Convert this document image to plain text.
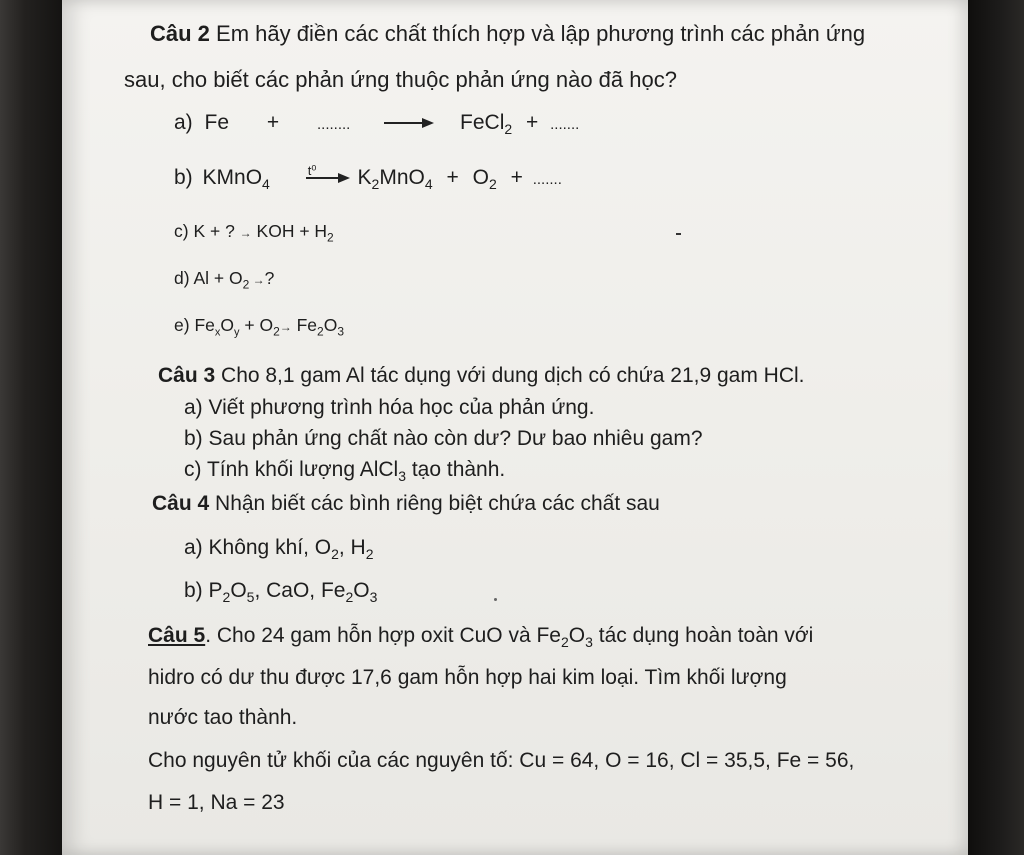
Câu 2 Em hãy điền các chất thích hợp và lập phương trình các phản ứng
sau, cho biết các phản ứng thuộc phản ứng nào đã học?
a) Fe +	........ → FeCl$_2$ + .......
b) KMnO$_4$
t⁰ $K_2MnO_4 + O_2$ + .......
c) K + ? → KOH + $H_2$
d) $Al + O_2$ →?
e) $Fe_xO_y + O_2\to Fe_2O_3$
Câu 3 Cho 8,1 gam Al tác dụng với dung dịch có chứa 21,9 gam HCl.
a) Viết phương trình hóa học của phản ứng.
b) Sau phản ứng chất nào còn dư? Dư bao nhiêu gam?
c) Tính khối lượng AlCl$_3$ tạo thành.
Câu 4 Nhận biết các bình riêng biệt chứa các chất sau
a) Không khí, $O_2$, $H_2$
b) $P_2O_5$, CaO, $Fe_2O_3$
Câu 5. Cho 24 gam hỗn hợp oxit CuO và $Fe_2O_3$ tác dụng hoàn toàn với
hidro có dư thu được 17,6 gam hỗn hợp hai kim loại. Tìm khối lượng
nước tao thành.
Cho nguyên tử khối của các nguyên tố: Cu = 64, O = 16, Cl = 35,5, Fe = 56,
H = 1, Na = 23
